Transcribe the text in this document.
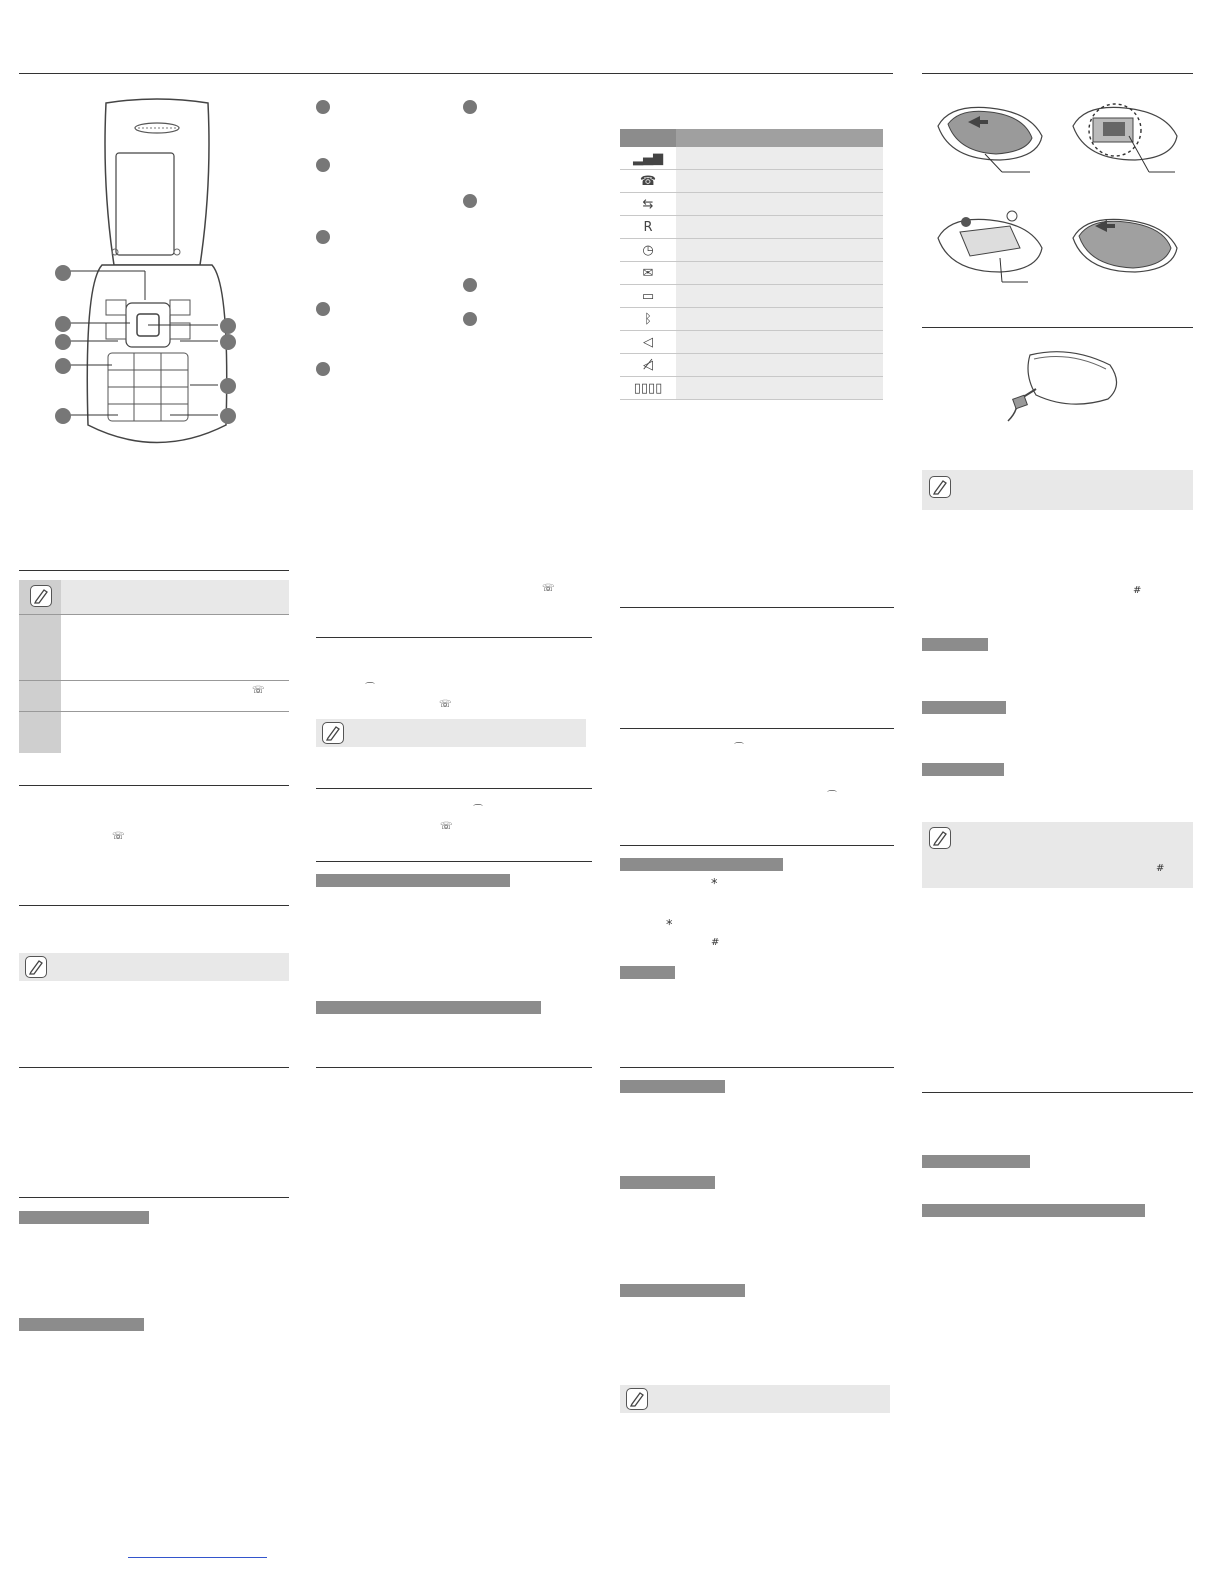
☏
☏
☏
⌒
☏
⌒
☏

▂▄▆	
☎	
⇆	
R	
◷	
✉	
▭	
ᛒ	
◁	
◁̸	
▯▯▯▯	
⌒
⌒
*
*
#
#
#
